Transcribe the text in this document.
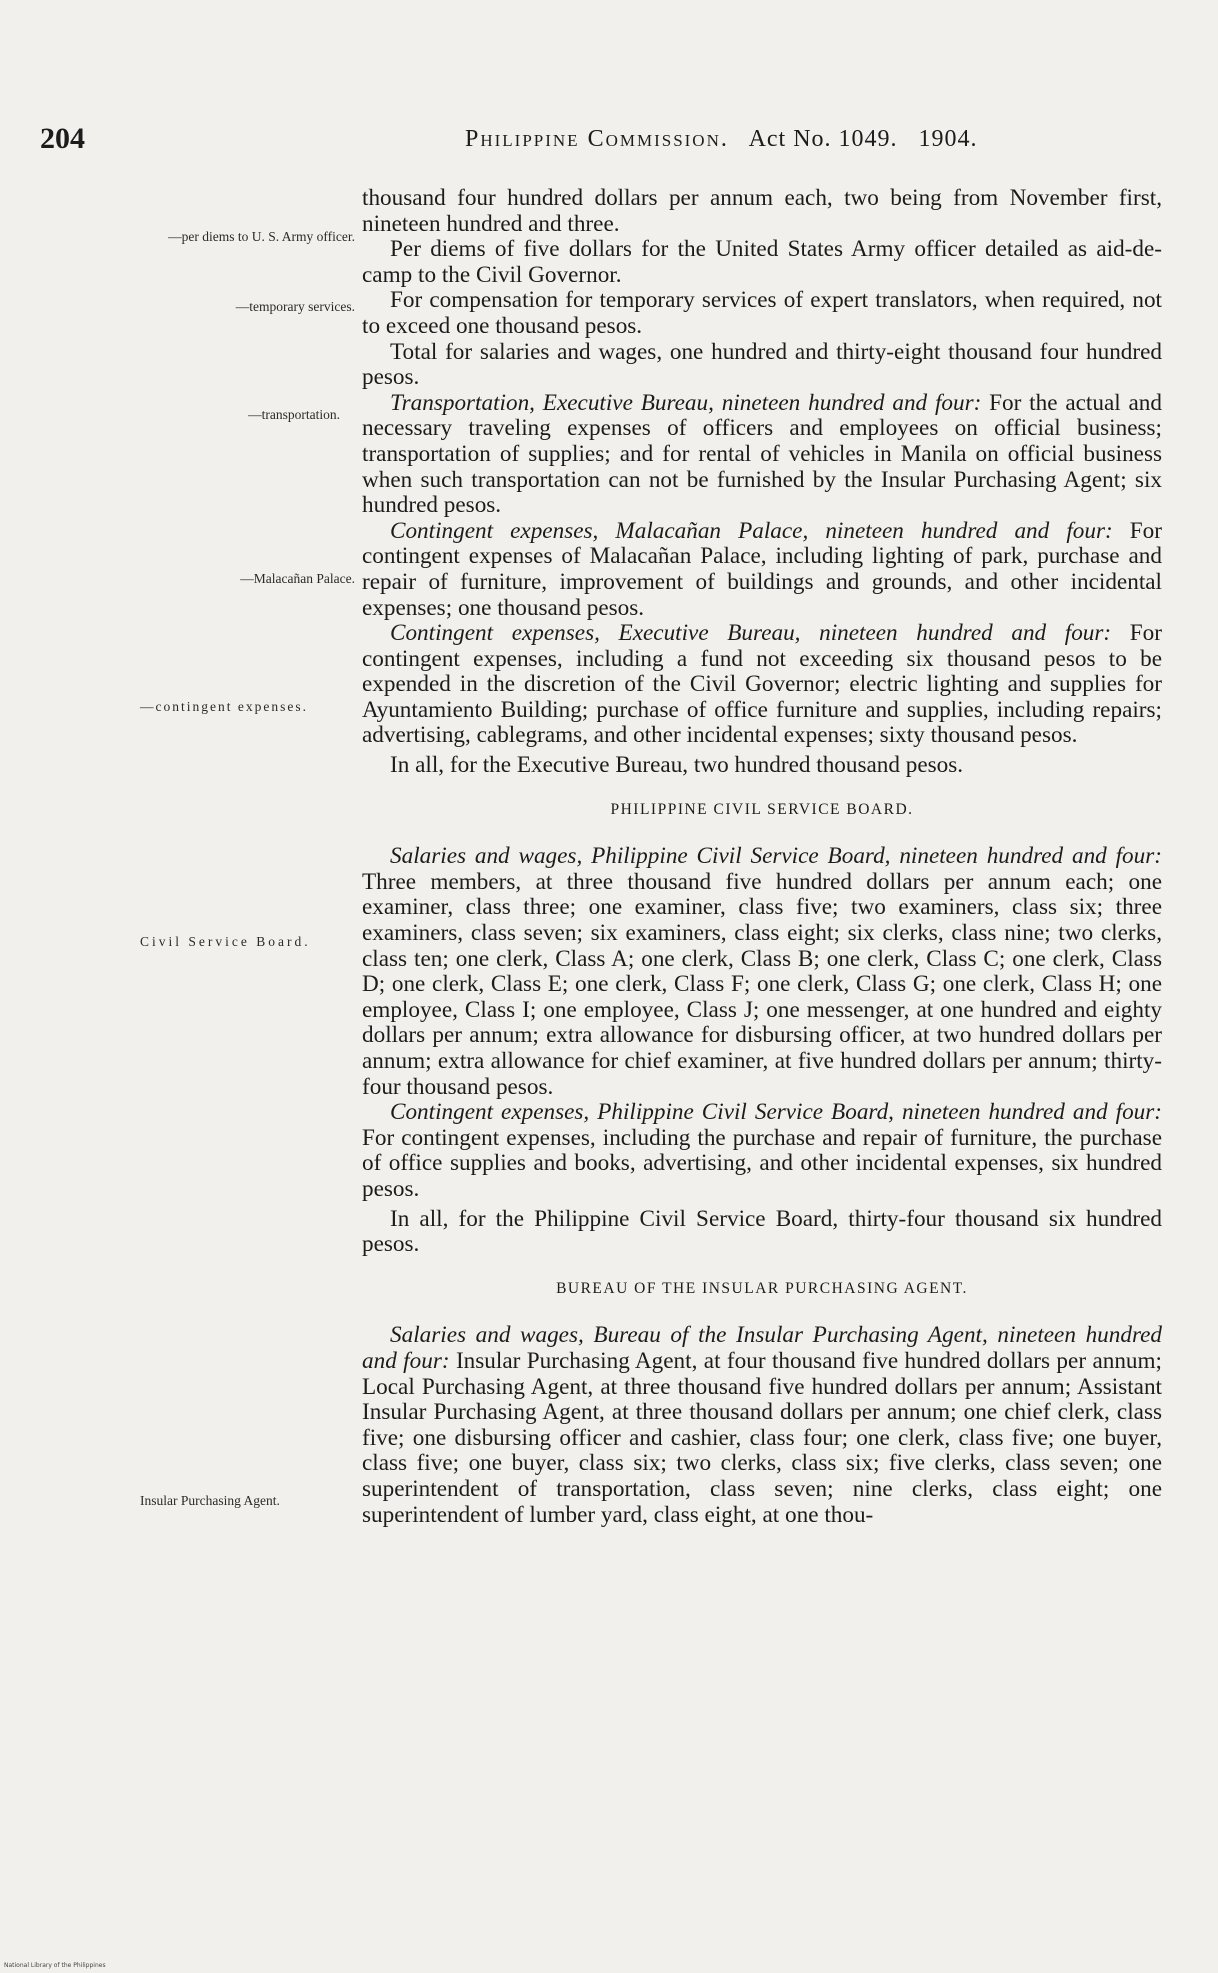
204	Philippine Commission. Act No. 1049. 1904.
—per diems to U. S. Army officer.
—temporary services.
—transportation.
—Malacañan Palace.
—contingent expenses.
Civil Service Board.
Insular Purchasing Agent.

thousand four hundred dollars per annum each, two being from November first, nineteen hundred and three.

Per diems of five dollars for the United States Army officer detailed as aid-de-camp to the Civil Governor.

For compensation for temporary services of expert translators, when required, not to exceed one thousand pesos.

Total for salaries and wages, one hundred and thirty-eight thousand four hundred pesos.

Transportation, Executive Bureau, nineteen hundred and four: For the actual and necessary traveling expenses of officers and employees on official business; transportation of supplies; and for rental of vehicles in Manila on official business when such transportation can not be furnished by the Insular Purchasing Agent; six hundred pesos.

Contingent expenses, Malacañan Palace, nineteen hundred and four: For contingent expenses of Malacañan Palace, including lighting of park, purchase and repair of furniture, improvement of buildings and grounds, and other incidental expenses; one thousand pesos.

Contingent expenses, Executive Bureau, nineteen hundred and four: For contingent expenses, including a fund not exceeding six thousand pesos to be expended in the discretion of the Civil Governor; electric lighting and supplies for Ayuntamiento Building; purchase of office furniture and supplies, including repairs; advertising, cablegrams, and other incidental expenses; sixty thousand pesos.

In all, for the Executive Bureau, two hundred thousand pesos.

PHILIPPINE CIVIL SERVICE BOARD.

Salaries and wages, Philippine Civil Service Board, nineteen hundred and four: Three members, at three thousand five hundred dollars per annum each; one examiner, class three; one examiner, class five; two examiners, class six; three examiners, class seven; six examiners, class eight; six clerks, class nine; two clerks, class ten; one clerk, Class A; one clerk, Class B; one clerk, Class C; one clerk, Class D; one clerk, Class E; one clerk, Class F; one clerk, Class G; one clerk, Class H; one employee, Class I; one employee, Class J; one messenger, at one hundred and eighty dollars per annum; extra allowance for disbursing officer, at two hundred dollars per annum; extra allowance for chief examiner, at five hundred dollars per annum; thirty-four thousand pesos.

Contingent expenses, Philippine Civil Service Board, nineteen hundred and four: For contingent expenses, including the purchase and repair of furniture, the purchase of office supplies and books, advertising, and other incidental expenses, six hundred pesos.

In all, for the Philippine Civil Service Board, thirty-four thousand six hundred pesos.

BUREAU OF THE INSULAR PURCHASING AGENT.

Salaries and wages, Bureau of the Insular Purchasing Agent, nineteen hundred and four: Insular Purchasing Agent, at four thousand five hundred dollars per annum; Local Purchasing Agent, at three thousand five hundred dollars per annum; Assistant Insular Purchasing Agent, at three thousand dollars per annum; one chief clerk, class five; one disbursing officer and cashier, class four; one clerk, class five; one buyer, class five; one buyer, class six; two clerks, class six; five clerks, class seven; one superintendent of transportation, class seven; nine clerks, class eight; one superintendent of lumber yard, class eight, at one thou-

National Library of the Philippines
